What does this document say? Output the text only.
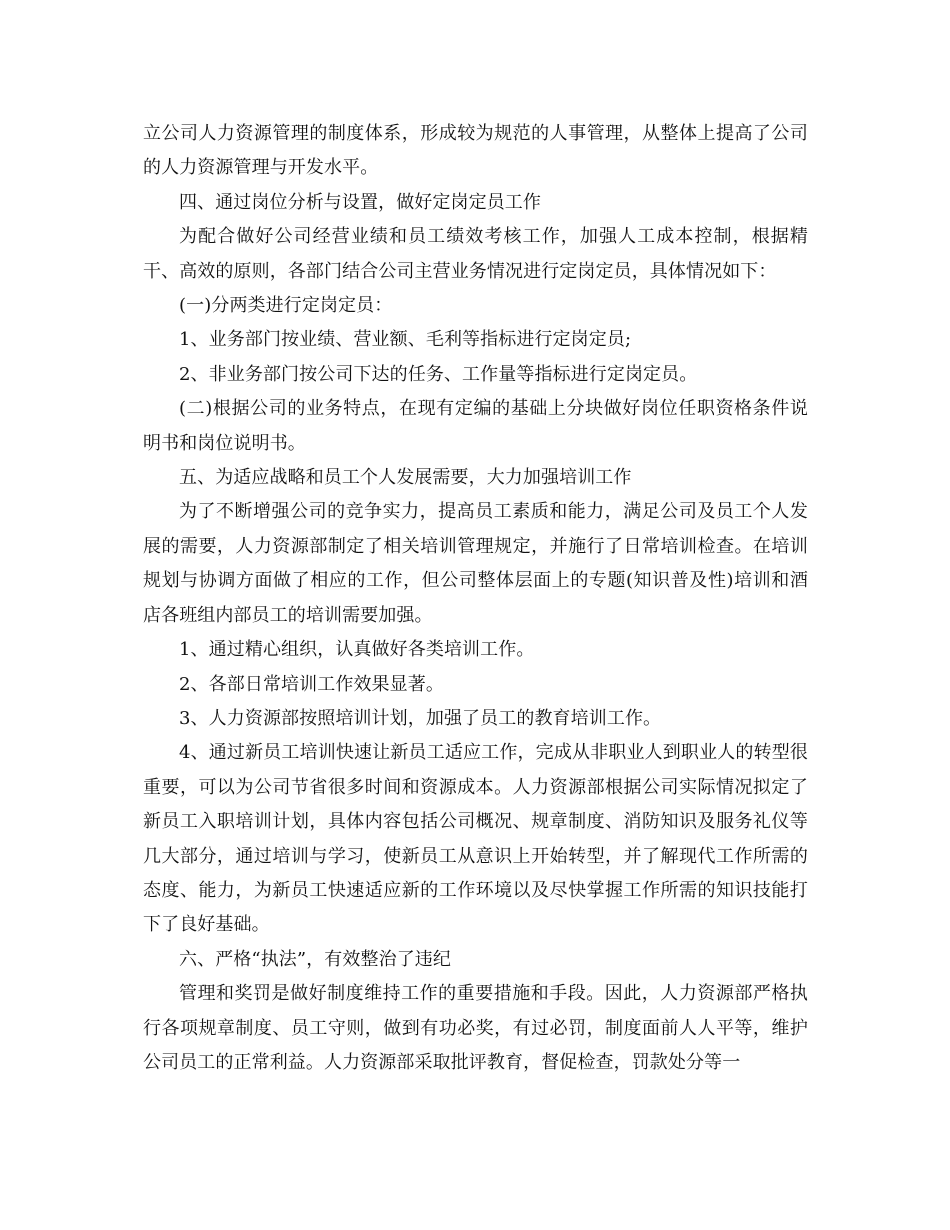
立公司人力资源管理的制度体系，形成较为规范的人事管理，从整体上提高了公司的人力资源管理与开发水平。

四、通过岗位分析与设置，做好定岗定员工作

为配合做好公司经营业绩和员工绩效考核工作，加强人工成本控制，根据精干、高效的原则，各部门结合公司主营业务情况进行定岗定员，具体情况如下：

(一)分两类进行定岗定员：

1、业务部门按业绩、营业额、毛利等指标进行定岗定员;

2、非业务部门按公司下达的任务、工作量等指标进行定岗定员。

(二)根据公司的业务特点，在现有定编的基础上分块做好岗位任职资格条件说明书和岗位说明书。

五、为适应战略和员工个人发展需要，大力加强培训工作

为了不断增强公司的竞争实力，提高员工素质和能力，满足公司及员工个人发展的需要，人力资源部制定了相关培训管理规定，并施行了日常培训检查。在培训规划与协调方面做了相应的工作，但公司整体层面上的专题(知识普及性)培训和酒店各班组内部员工的培训需要加强。

1、通过精心组织，认真做好各类培训工作。

2、各部日常培训工作效果显著。

3、人力资源部按照培训计划，加强了员工的教育培训工作。

4、通过新员工培训快速让新员工适应工作，完成从非职业人到职业人的转型很重要，可以为公司节省很多时间和资源成本。人力资源部根据公司实际情况拟定了新员工入职培训计划，具体内容包括公司概况、规章制度、消防知识及服务礼仪等几大部分，通过培训与学习，使新员工从意识上开始转型，并了解现代工作所需的态度、能力，为新员工快速适应新的工作环境以及尽快掌握工作所需的知识技能打下了良好基础。

六、严格“执法”，有效整治了违纪

管理和奖罚是做好制度维持工作的重要措施和手段。因此，人力资源部严格执行各项规章制度、员工守则，做到有功必奖，有过必罚，制度面前人人平等，维护公司员工的正常利益。人力资源部采取批评教育，督促检查，罚款处分等一
